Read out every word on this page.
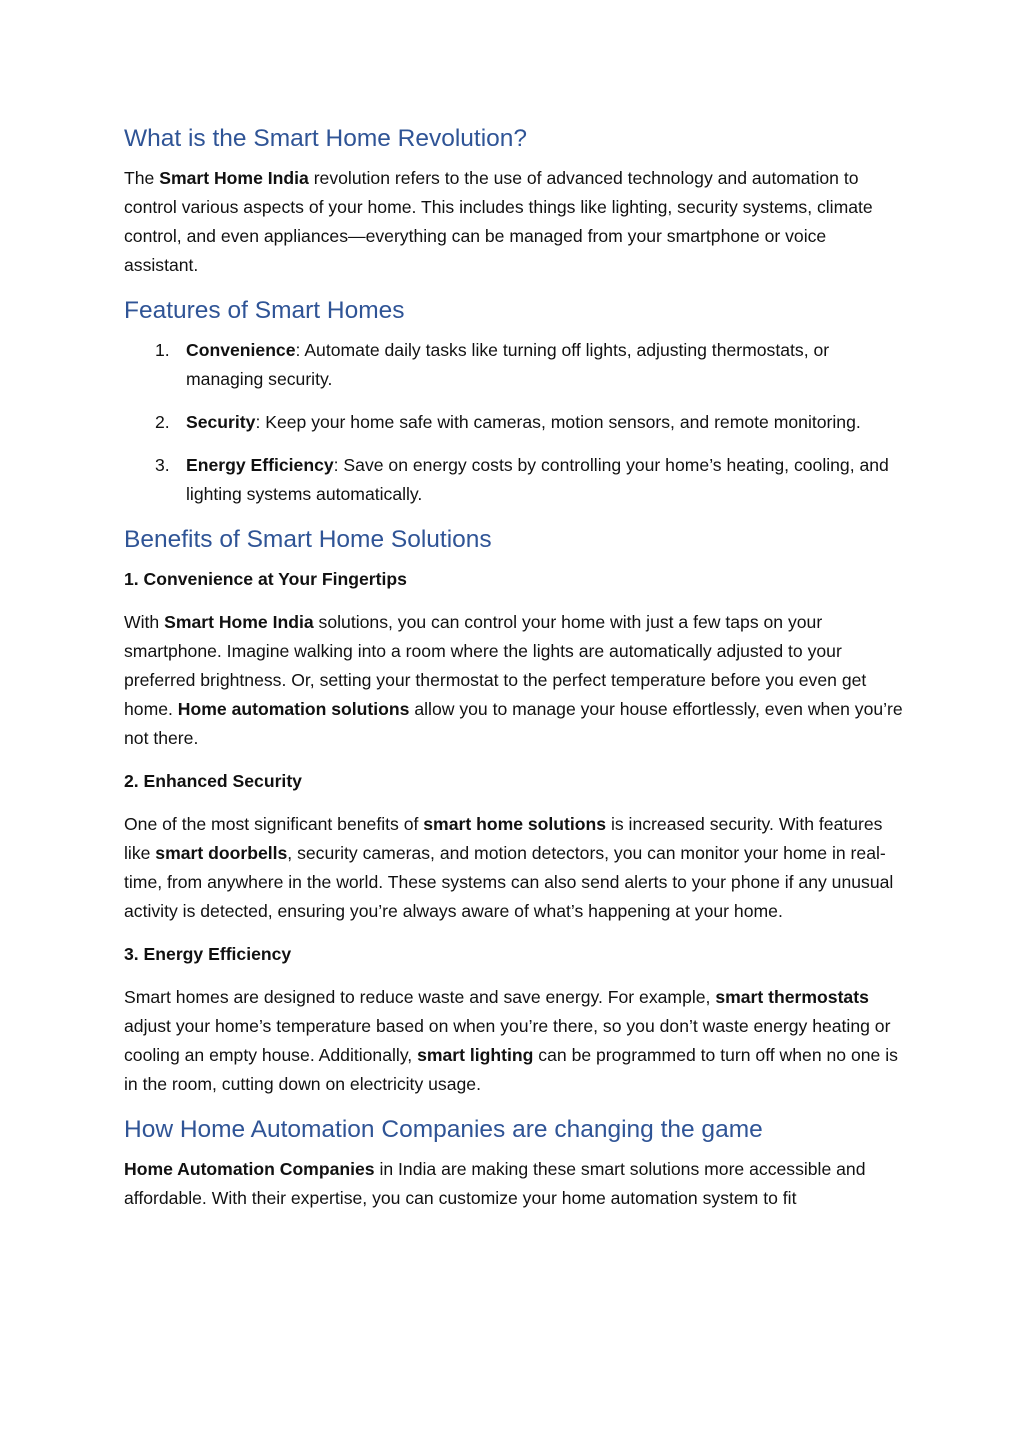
What is the Smart Home Revolution?

The Smart Home India revolution refers to the use of advanced technology and automation to control various aspects of your home. This includes things like lighting, security systems, climate control, and even appliances—everything can be managed from your smartphone or voice assistant.

Features of Smart Homes
1. Convenience: Automate daily tasks like turning off lights, adjusting thermostats, or managing security.
2. Security: Keep your home safe with cameras, motion sensors, and remote monitoring.
3. Energy Efficiency: Save on energy costs by controlling your home’s heating, cooling, and lighting systems automatically.
Benefits of Smart Home Solutions
1. Convenience at Your Fingertips

With Smart Home India solutions, you can control your home with just a few taps on your smartphone. Imagine walking into a room where the lights are automatically adjusted to your preferred brightness. Or, setting your thermostat to the perfect temperature before you even get home. Home automation solutions allow you to manage your house effortlessly, even when you’re not there.

2. Enhanced Security

One of the most significant benefits of smart home solutions is increased security. With features like smart doorbells, security cameras, and motion detectors, you can monitor your home in real-time, from anywhere in the world. These systems can also send alerts to your phone if any unusual activity is detected, ensuring you’re always aware of what’s happening at your home.

3. Energy Efficiency

Smart homes are designed to reduce waste and save energy. For example, smart thermostats adjust your home’s temperature based on when you’re there, so you don’t waste energy heating or cooling an empty house. Additionally, smart lighting can be programmed to turn off when no one is in the room, cutting down on electricity usage.

How Home Automation Companies are changing the game

Home Automation Companies in India are making these smart solutions more accessible and affordable. With their expertise, you can customize your home automation system to fit
